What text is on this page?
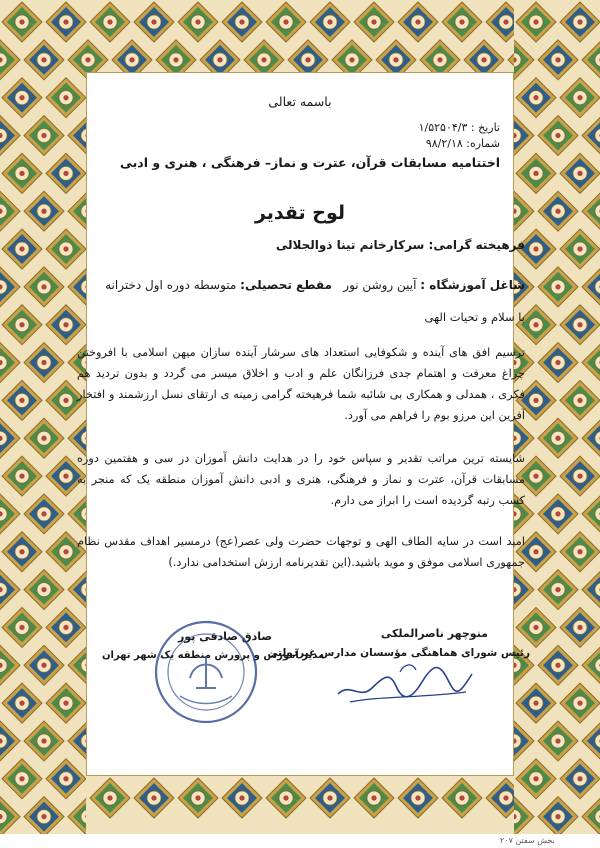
باسمه تعالی
تاریخ : ۱/۵۲۵۰۴/۳
شماره: ۹۸/۲/۱۸
اختتامیه مسابقات قرآن، عترت و نماز– فرهنگی ، هنری و ادبی
لوح تقدیر
فرهیخته گرامی: سرکارخانم تینا ذوالجلالی
شاغل آموزشگاه : آیین روشن نور
مقطع تحصیلی: متوسطه دوره اول دخترانه
با سلام و تحیات الهی
ترسیم افق های آینده و شکوفایی استعداد های سرشار آینده سازان میهن اسلامی با افروختن چراغ معرفت و اهتمام جدی فرزانگان علم و ادب و اخلاق میسر می گردد و بدون تردید هم فکری ، همدلی و همکاری بی شائبه شما فرهیخته گرامی زمینه ی ارتقای نسل ارزشمند و افتخار آفرین این مرزو بوم را فراهم می آورد.
شایسته ترین مراتب تقدیر و سپاس خود را در هدایت دانش آموزان در سی و هفتمین دوره مسابقات قرآن، عترت و نماز و فرهنگی، هنری و ادبی دانش آموزان منطقه یک که منجر به کسب رتبه گردیده است را ابراز می دارم.
امید است در سایه الطاف الهی و توجهات حضرت ولی عصر(عج) درمسیر اهداف مقدس نظام جمهوری اسلامی موفق و موید باشید.(این تقدیرنامه ارزش استخدامی ندارد.)
منوچهر ناصرالملکی
رئیس شورای هماهنگی مؤسسان مدارس غیردولتی
صادق صادقی پور
مدیر آموزش و پرورش منطقه یک شهر تهران
بخش سفتن ۲۰۷
